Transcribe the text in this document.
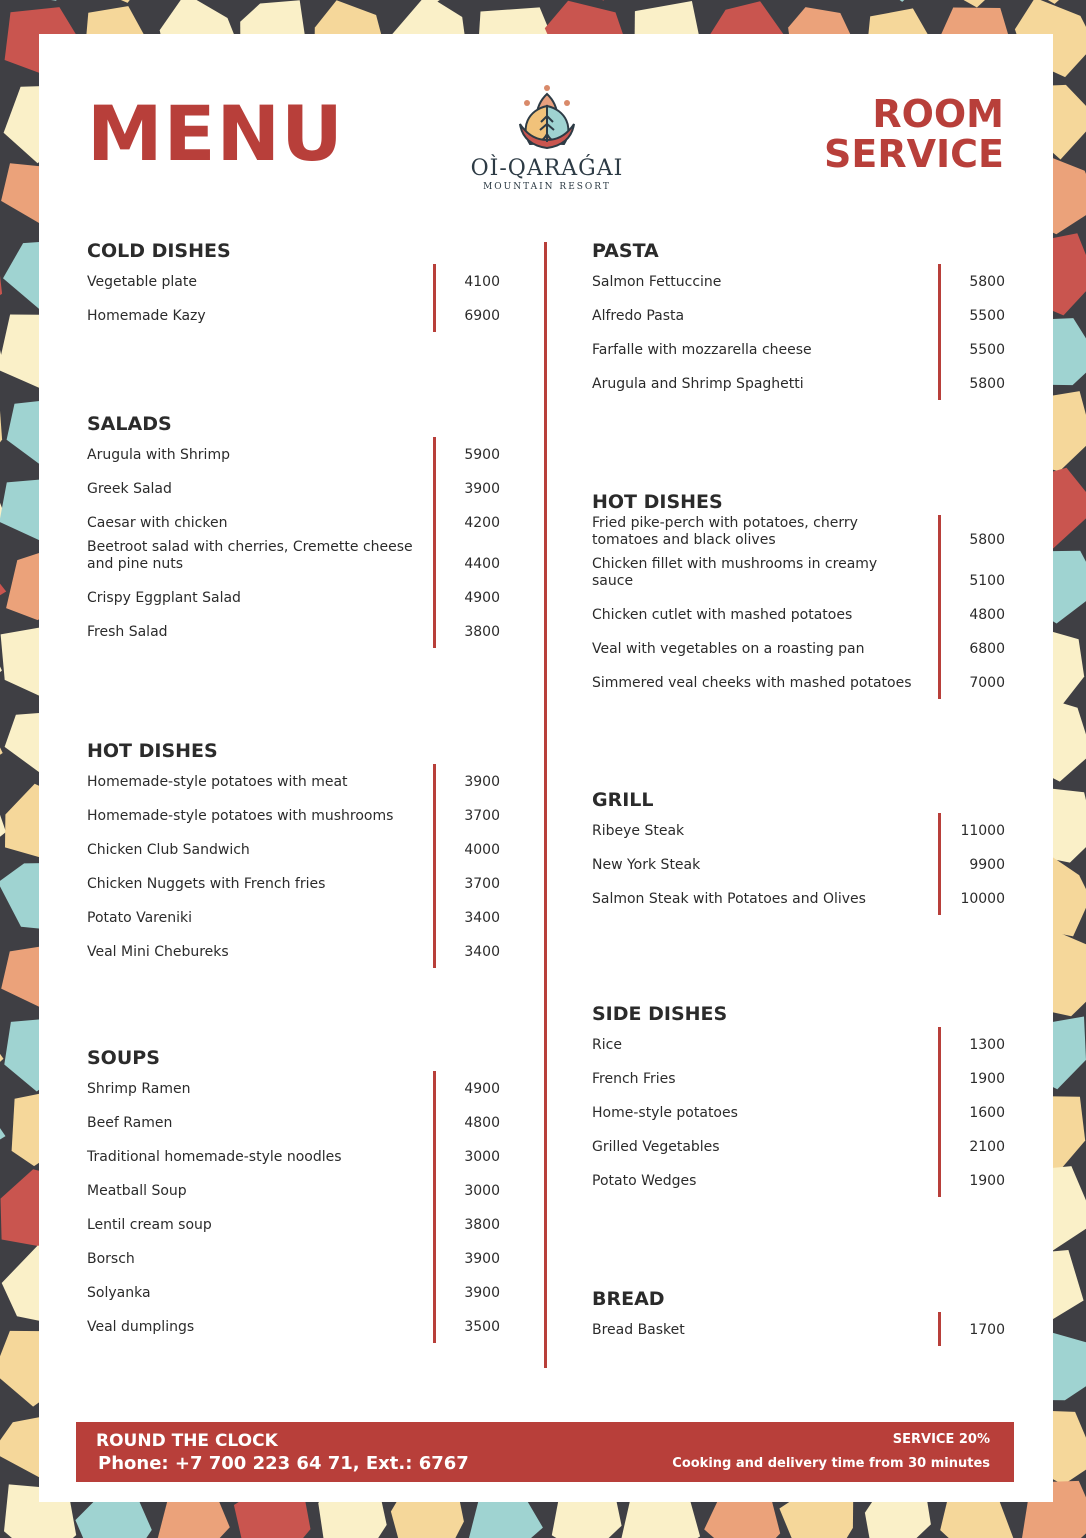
MENU	OÌ-QARAǴAI
MOUNTAIN RESORT
ROOM
SERVICE
COLD DISHES
Vegetable plate	4100
Homemade Kazy	6900
SALADS
Arugula with Shrimp	5900
Greek Salad	3900
Caesar with chicken	4200
Beetroot salad with cherries, Cremette cheese and pine nuts	4400
Crispy Eggplant Salad	4900
Fresh Salad	3800
HOT DISHES
Homemade-style potatoes with meat	3900
Homemade-style potatoes with mushrooms	3700
Chicken Club Sandwich	4000
Chicken Nuggets with French fries	3700
Potato Vareniki	3400
Veal Mini Chebureks	3400
SOUPS
Shrimp Ramen	4900
Beef Ramen	4800
Traditional homemade-style noodles	3000
Meatball Soup	3000
Lentil cream soup	3800
Borsch	3900
Solyanka	3900
Veal dumplings	3500
PASTA
Salmon Fettuccine	5800
Alfredo Pasta	5500
Farfalle with mozzarella cheese	5500
Arugula and Shrimp Spaghetti	5800
HOT DISHES
Fried pike-perch with potatoes, cherry tomatoes and black olives	5800
Chicken fillet with mushrooms in creamy sauce	5100
Chicken cutlet with mashed potatoes	4800
Veal with vegetables on a roasting pan	6800
Simmered veal cheeks with mashed potatoes	7000
GRILL
Ribeye Steak	11000
New York Steak	9900
Salmon Steak with Potatoes and Olives	10000
SIDE DISHES
Rice	1300
French Fries	1900
Home-style potatoes	1600
Grilled Vegetables	2100
Potato Wedges	1900
BREAD
Bread Basket	1700
ROUND THE CLOCK
Phone: +7 700 223 64 71, Ext.: 6767
SERVICE 20%
Cooking and delivery time from 30 minutes
